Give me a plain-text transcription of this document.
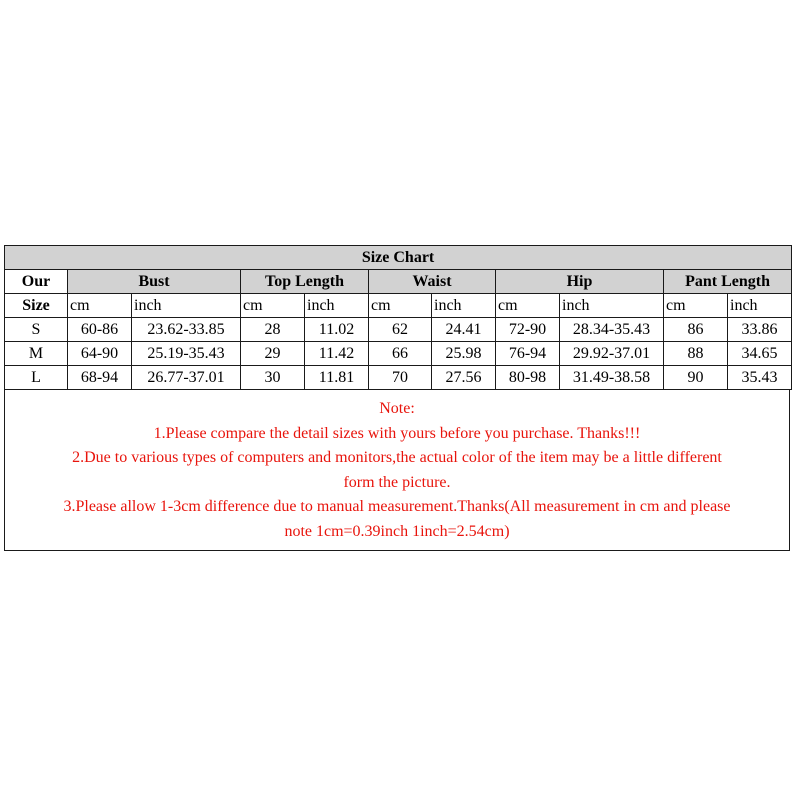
Size Chart										
Our	Bust		Top Length		Waist		Hip		Pant Length	
Size	cm	inch	cm	inch	cm	inch	cm	inch	cm	inch
S	60-86	23.62-33.85	28	11.02	62	24.41	72-90	28.34-35.43	86	33.86
M	64-90	25.19-35.43	29	11.42	66	25.98	76-94	29.92-37.01	88	34.65
L	68-94	26.77-37.01	30	11.81	70	27.56	80-98	31.49-38.58	90	35.43
Note:
1.Please compare the detail sizes with yours before you purchase. Thanks!!!
2.Due to various types of computers and monitors,the actual color of the item may be a little different
form the picture.
3.Please allow 1-3cm difference due to manual measurement.Thanks(All measurement in cm and please
note 1cm=0.39inch 1inch=2.54cm)
